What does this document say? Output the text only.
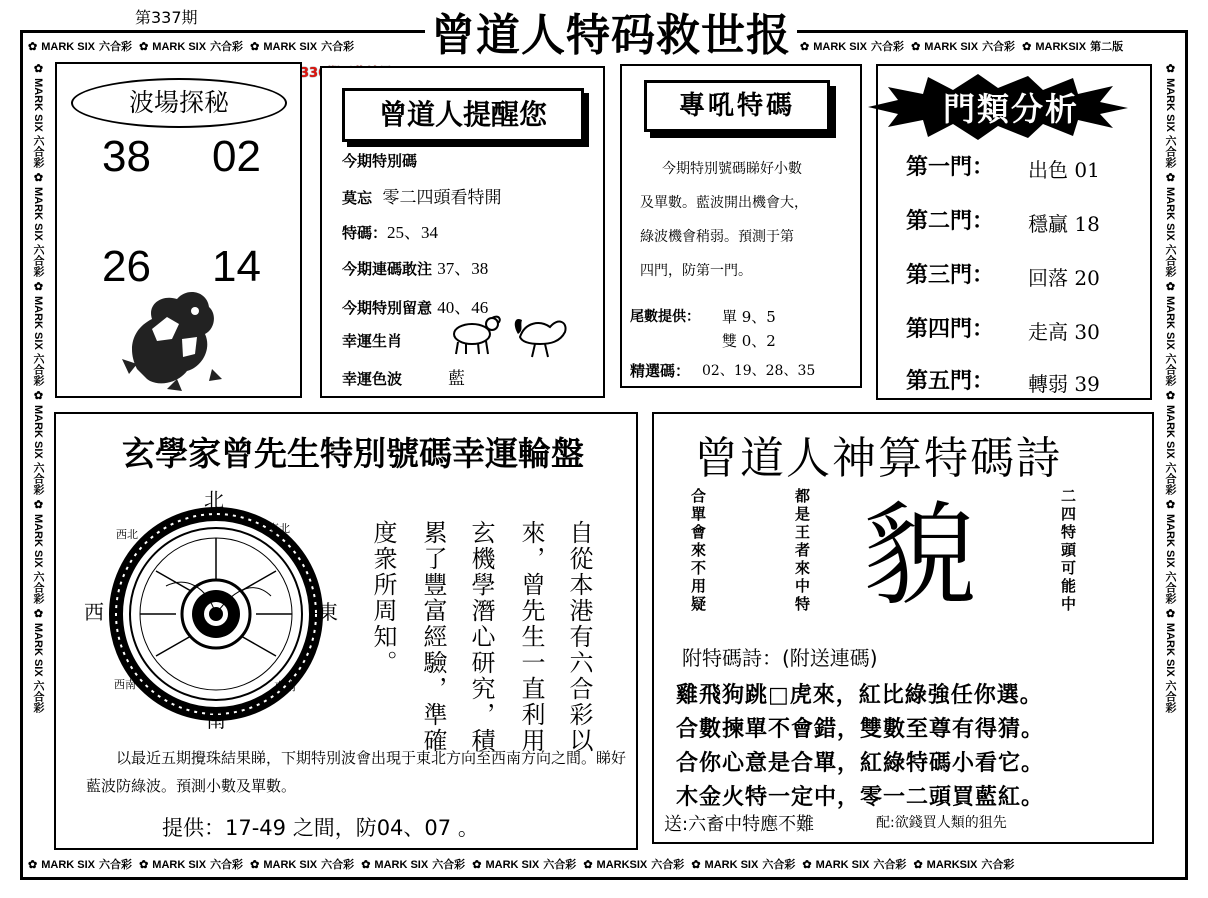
第337期
✿ MARK SIX 六合彩 ✿ MARK SIX 六合彩 ✿ MARK SIX 六合彩	✿ MARK SIX 六合彩 ✿ MARK SIX 六合彩 ✿ MARKSIX 第二版
✿ MARK SIX 六合彩 ✿ MARK SIX 六合彩 ✿ MARK SIX 六合彩 ✿ MARK SIX 六合彩 ✿ MARK SIX 六合彩 ✿ MARKSIX 六合彩 ✿ MARK SIX 六合彩 ✿ MARK SIX 六合彩 ✿ MARKSIX 六合彩
✿ MARK SIX 六合彩 ✿ MARK SIX 六合彩 ✿ MARK SIX 六合彩 ✿ MARK SIX 六合彩 ✿ MARK SIX 六合彩 ✿ MARK SIX 六合彩
✿ MARK SIX 六合彩 ✿ MARK SIX 六合彩 ✿ MARK SIX 六合彩 ✿ MARK SIX 六合彩 ✿ MARK SIX 六合彩 ✿ MARK SIX 六合彩
曾道人特码救世报
波場探秘
38 02
26 14
曾道人提醒您
今期特別碼
莫忘 零二四頭看特開
特碼：25、34
今期連碼敢注 37、38
今期特別留意 40、46
幸運生肖
幸運色波	藍
專吼特碼
今期特別號碼睇好小數
及單數。藍波開出機會大，
綠波機會稍弱。預測于第
四門，防第一門。
尾數提供： 單 9、5
雙 0、2
精選碼： 02、19、28、35
門類分析
第一門： 出色 01
第二門： 穩贏 18
第三門： 回落 20
第四門： 走高 30
第五門： 轉弱 39
玄學家曾先生特別號碼幸運輪盤
北
南
東
西
西北	東北
西南	東南	自從本港有六合彩以
來，曾先生一直利用
玄機學潛心研究，積
累了豐富經驗，準確
度衆所周知。
以最近五期攪珠結果睇，下期特別波會出現于東北方向至西南方向之間。睇好藍波防綠波。預測小數及單數。
提供：17-49 之間，防04、07 。
曾道人神算特碼詩
合單會來不用疑	都是王者來中特	二四特頭可能中
貌
附特碼詩：(附送連碼)
雞飛狗跳□虎來，紅比綠強任你選。
合數揀單不會錯，雙數至尊有得猜。
合你心意是合單，紅綠特碼小看它。
木金火特一定中，零一二頭買藍紅。
送:六畜中特應不難	配:欲錢買人類的狙先
